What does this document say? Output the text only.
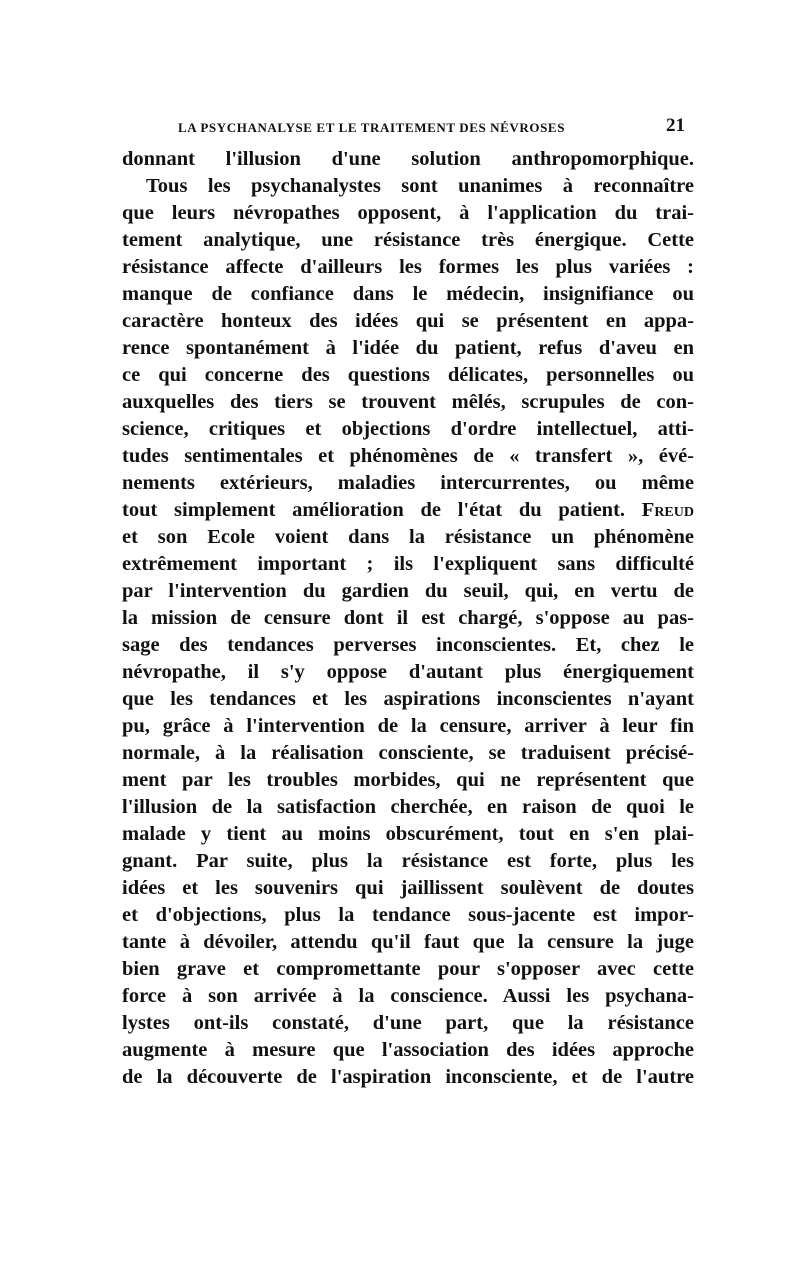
LA PSYCHANALYSE ET LE TRAITEMENT DES NÉVROSES	21
donnant l'illusion d'une solution anthropomorphique.
Tous les psychanalystes sont unanimes à reconnaître
que leurs névropathes opposent, à l'application du trai-
tement analytique, une résistance très énergique. Cette
résistance affecte d'ailleurs les formes les plus variées :
manque de confiance dans le médecin, insignifiance ou
caractère honteux des idées qui se présentent en appa-
rence spontanément à l'idée du patient, refus d'aveu en
ce qui concerne des questions délicates, personnelles ou
auxquelles des tiers se trouvent mêlés, scrupules de con-
science, critiques et objections d'ordre intellectuel, atti-
tudes sentimentales et phénomènes de « transfert », évé-
nements extérieurs, maladies intercurrentes, ou même
tout simplement amélioration de l'état du patient. Freud
et son Ecole voient dans la résistance un phénomène
extrêmement important ; ils l'expliquent sans difficulté
par l'intervention du gardien du seuil, qui, en vertu de
la mission de censure dont il est chargé, s'oppose au pas-
sage des tendances perverses inconscientes. Et, chez le
névropathe, il s'y oppose d'autant plus énergiquement
que les tendances et les aspirations inconscientes n'ayant
pu, grâce à l'intervention de la censure, arriver à leur fin
normale, à la réalisation consciente, se traduisent précisé-
ment par les troubles morbides, qui ne représentent que
l'illusion de la satisfaction cherchée, en raison de quoi le
malade y tient au moins obscurément, tout en s'en plai-
gnant. Par suite, plus la résistance est forte, plus les
idées et les souvenirs qui jaillissent soulèvent de doutes
et d'objections, plus la tendance sous-jacente est impor-
tante à dévoiler, attendu qu'il faut que la censure la juge
bien grave et compromettante pour s'opposer avec cette
force à son arrivée à la conscience. Aussi les psychana-
lystes ont-ils constaté, d'une part, que la résistance
augmente à mesure que l'association des idées approche
de la découverte de l'aspiration inconsciente, et de l'autre
